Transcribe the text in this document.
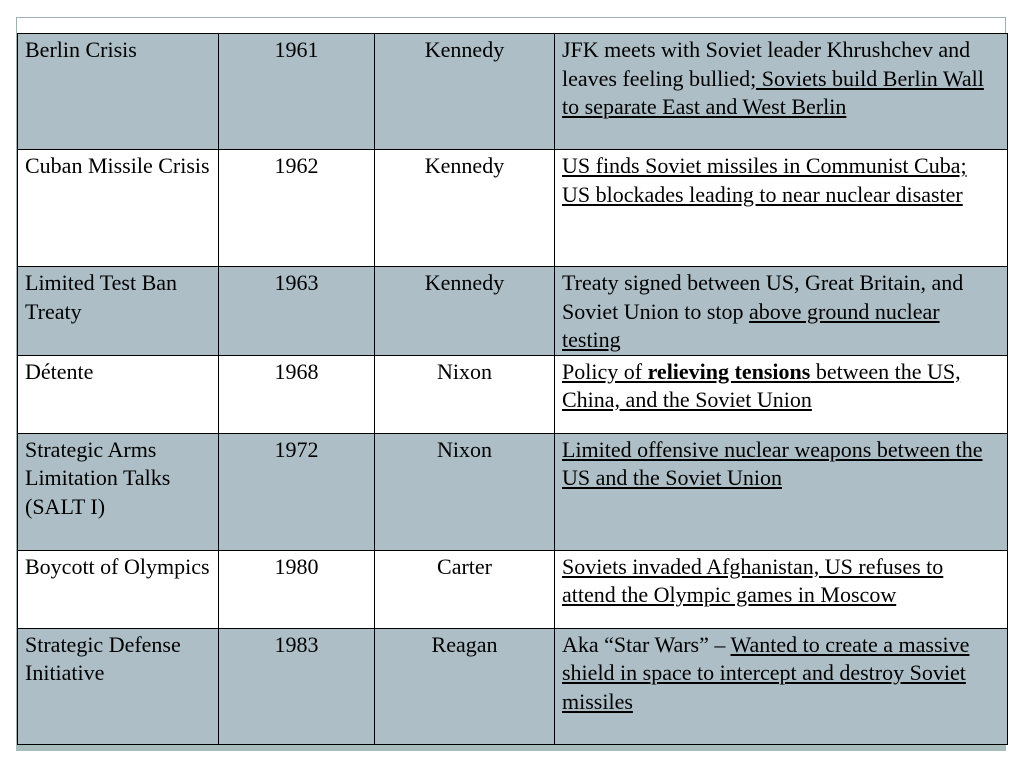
Berlin Crisis	1961	Kennedy	JFK meets with Soviet leader Khrushchev and leaves feeling bullied; Soviets build Berlin Wall to separate East and West Berlin
Cuban Missile Crisis	1962	Kennedy	US finds Soviet missiles in Communist Cuba; US blockades leading to near nuclear disaster
Limited Test Ban Treaty	1963	Kennedy	Treaty signed between US, Great Britain, and Soviet Union to stop above ground nuclear testing
Détente	1968	Nixon	Policy of relieving tensions between the US, China, and the Soviet Union
Strategic Arms Limitation Talks (SALT I)	1972	Nixon	Limited offensive nuclear weapons between the US and the Soviet Union
Boycott of Olympics	1980	Carter	Soviets invaded Afghanistan, US refuses to attend the Olympic games in Moscow
Strategic Defense Initiative	1983	Reagan	Aka “Star Wars” – Wanted to create a massive shield in space to intercept and destroy Soviet missiles
